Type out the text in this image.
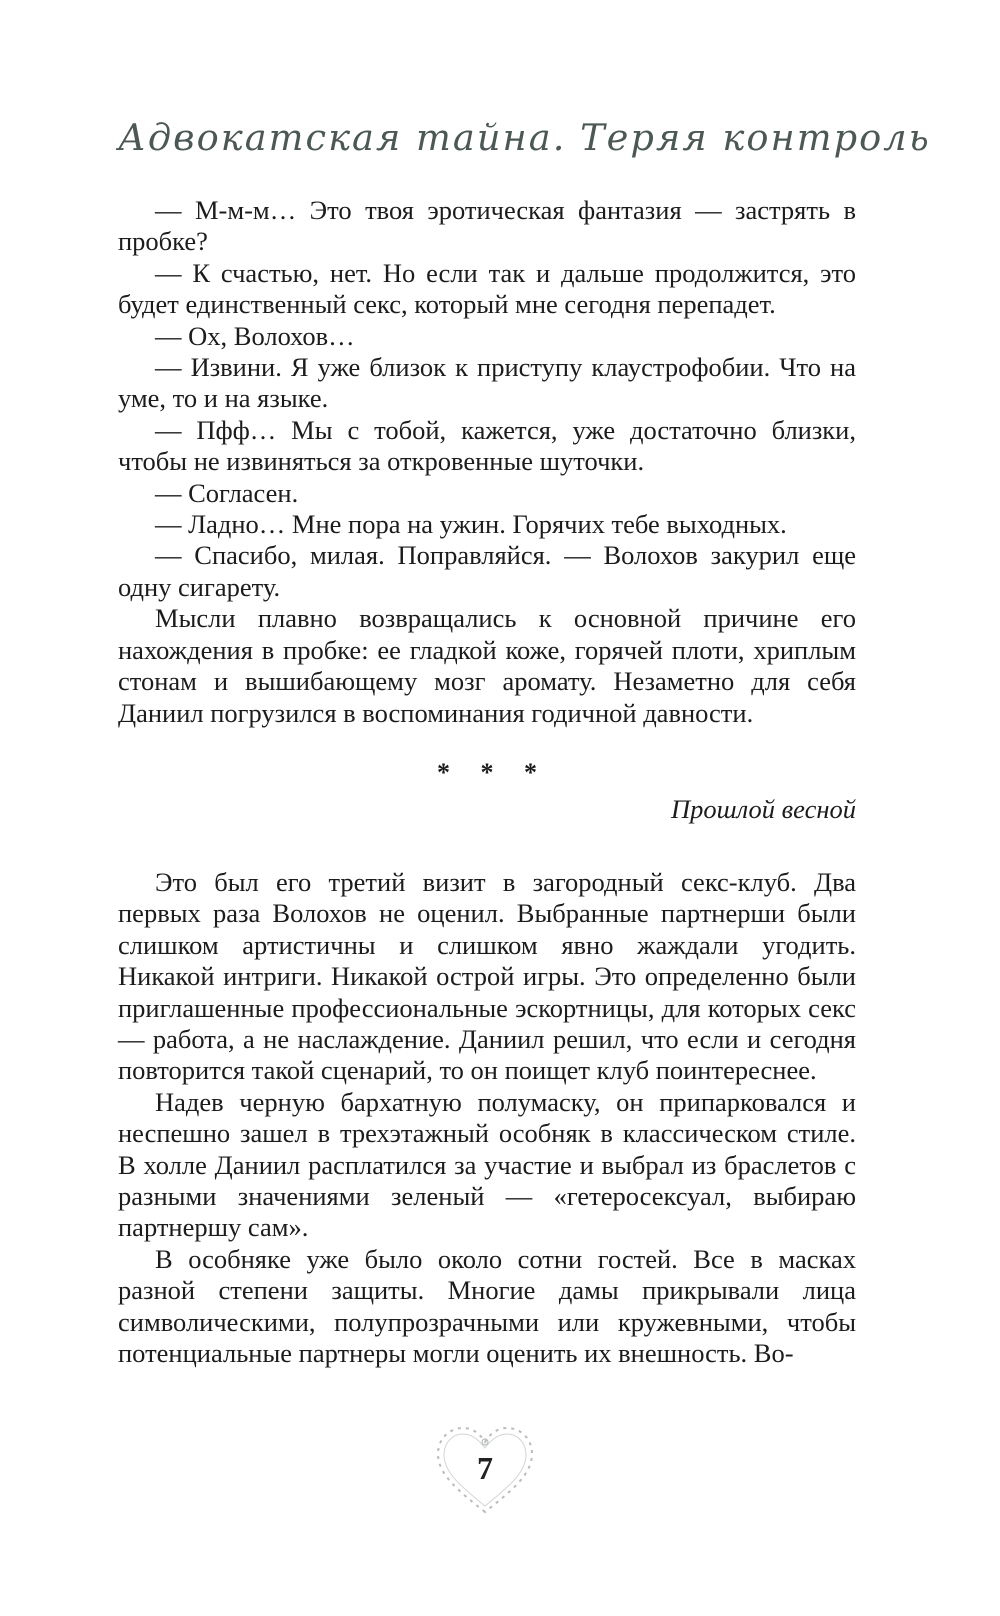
Адвокатская тайна. Теряя контроль

— М-м-м… Это твоя эротическая фантазия — застрять в пробке?

— К счастью, нет. Но если так и дальше продолжится, это будет единственный секс, который мне сегодня перепадет.

— Ох, Волохов…

— Извини. Я уже близок к приступу клаустрофобии. Что на уме, то и на языке.

— Пфф… Мы с тобой, кажется, уже достаточно близки, чтобы не извиняться за откровенные шуточки.

— Согласен.

— Ладно… Мне пора на ужин. Горячих тебе выходных.

— Спасибо, милая. Поправляйся. — Волохов закурил еще одну сигарету.

Мысли плавно возвращались к основной причине его нахождения в пробке: ее гладкой коже, горячей плоти, хриплым стонам и вышибающему мозг аромату. Незаметно для себя Даниил погрузился в воспоминания годичной давности.

* * *
Прошлой весной

Это был его третий визит в загородный секс-клуб. Два первых раза Волохов не оценил. Выбранные партнерши были слишком артистичны и слишком явно жаждали угодить. Никакой интриги. Никакой острой игры. Это определенно были приглашенные профессиональные эскортницы, для которых секс — работа, а не наслаждение. Даниил решил, что если и сегодня повторится такой сценарий, то он поищет клуб поинтереснее.

Надев черную бархатную полумаску, он припарковался и неспешно зашел в трехэтажный особняк в классическом стиле. В холле Даниил расплатился за участие и выбрал из браслетов с разными значениями зеленый — «гетеросексуал, выбираю партнершу сам».

В особняке уже было около сотни гостей. Все в масках разной степени защиты. Многие дамы прикрывали лица символическими, полупрозрачными или кружевными, чтобы потенциальные партнеры могли оценить их внешность. Во-

7
